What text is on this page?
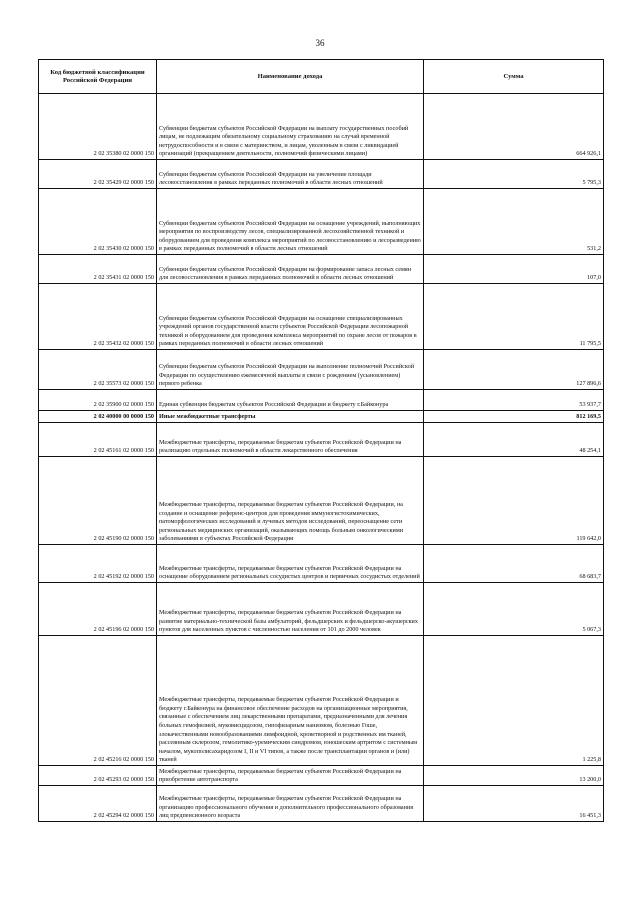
36
Код бюджетной классификации Российской Федерации	Наименование дохода	Сумма
2 02 35380 02 0000 150	Субвенции бюджетам субъектов Российской Федерации на выплату государственных пособий лицам, не подлежащим обязательному социальному страхованию на случай временной нетрудоспособности и в связи с материнством, и лицам, уволенным в связи с ликвидацией организаций (прекращением деятельности, полномочий физическими лицами)	664 926,1
2 02 35429 02 0000 150	Субвенции бюджетам субъектов Российской Федерации на увеличение площади лесовосстановления в рамках переданных полномочий в области лесных отношений	5 795,3
2 02 35430 02 0000 150	Субвенции бюджетам субъектов Российской Федерации на оснащение учреждений, выполняющих мероприятия по воспроизводству лесов, специализированной лесохозяйственной техникой и оборудованием для проведения комплекса мероприятий по лесовосстановлению и лесоразведению в рамках переданных полномочий в области лесных отношений	531,2
2 02 35431 02 0000 150	Субвенции бюджетам субъектов Российской Федерации на формирование запаса лесных семян для лесовосстановления в рамках переданных полномочий в области лесных отношений	107,0
2 02 35432 02 0000 150	Субвенции бюджетам субъектов Российской Федерации на оснащение специализированных учреждений органов государственной власти субъектов Российской Федерации лесопожарной техникой и оборудованием для проведения комплекса мероприятий по охране лесов от пожаров в рамках переданных полномочий в области лесных отношений	11 795,5
2 02 35573 02 0000 150	Субвенции бюджетам субъектов Российской Федерации на выполнение полномочий Российской Федерации по осуществлению ежемесячной выплаты в связи с рождением (усыновлением) первого ребенка	127 896,6
2 02 35900 02 0000 150	Единая субвенция бюджетам субъектов Российской Федерации и бюджету г.Байконура	53 937,7
2 02 40000 00 0000 150	Иные межбюджетные трансферты	812 169,5
2 02 45161 02 0000 150	Межбюджетные трансферты, передаваемые бюджетам субъектов Российской Федерации на реализацию отдельных полномочий в области лекарственного обеспечения	48 254,1
2 02 45190 02 0000 150	Межбюджетные трансферты, передаваемые бюджетам субъектов Российской Федерации, на создание и оснащение референс-центров для проведения иммуногистохимических, патоморфологических исследований и лучевых методов исследований, переоснащение сети региональных медицинских организаций, оказывающих помощь больным онкологическими заболеваниями в субъектах Российской Федерации	119 642,0
2 02 45192 02 0000 150	Межбюджетные трансферты, передаваемые бюджетам субъектов Российской Федерации на оснащение оборудованием региональных сосудистых центров и первичных сосудистых отделений	68 683,7
2 02 45196 02 0000 150	Межбюджетные трансферты, передаваемые бюджетам субъектов Российской Федерации на развитие материально-технической базы амбулаторий, фельдшерских и фельдшерско-акушерских пунктов для населенных пунктов с численностью населения от 101 до 2000 человек	5 067,3
2 02 45216 02 0000 150	Межбюджетные трансферты, передаваемые бюджетам субъектов Российской Федерации и бюджету г.Байконура на финансовое обеспечение расходов на организационные мероприятия, связанные с обеспечением лиц лекарственными препаратами, предназначенными для лечения больных гемофилией, муковисцидозом, гипофизарным нанизмом, болезнью Гоше, злокачественными новообразованиями лимфоидной, кроветворной и родственных им тканей, рассеянным склерозом, гемолитико-уремическим синдромом, юношеским артритом с системным началом, мукополисахаридозом I, II и VI типов, а также после трансплантации органов и (или) тканей	1 225,8
2 02 45293 02 0000 150	Межбюджетные трансферты, передаваемые бюджетам субъектов Российской Федерации на приобретение автотранспорта	13 200,0
2 02 45294 02 0000 150	Межбюджетные трансферты, передаваемые бюджетам субъектов Российской Федерации на организацию профессионального обучения и дополнительного профессионального образования лиц предпенсионного возраста	16 451,3
